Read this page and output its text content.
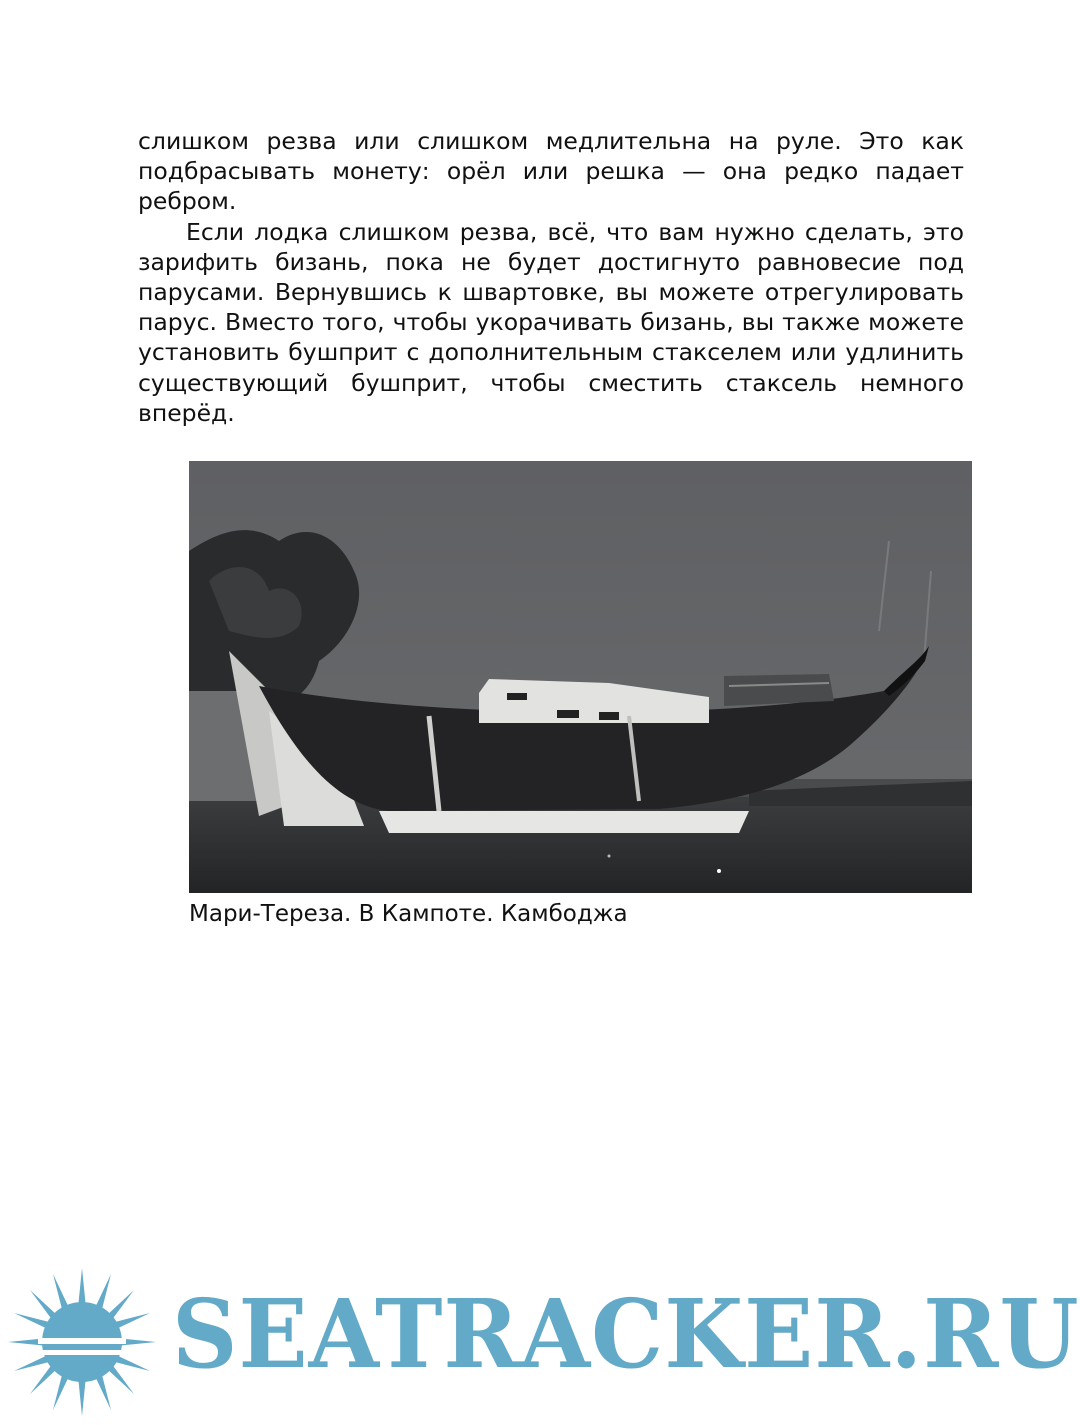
слишком резва или слишком медлительна на руле. Это как подбрасывать монету: орёл или решка — она редко падает ребром.

Если лодка слишком резва, всё, что вам нужно сделать, это зарифить бизань, пока не будет достигнуто равновесие под парусами. Вернувшись к швартовке, вы можете отрегулировать парус. Вместо того, чтобы укорачивать бизань, вы также можете установить бушприт с дополнительным стакселем или удлинить существующий бушприт, чтобы сместить стаксель немного вперёд.

Мари-Тереза. В Кампоте. Камбоджа
SEATRACKER.RU
